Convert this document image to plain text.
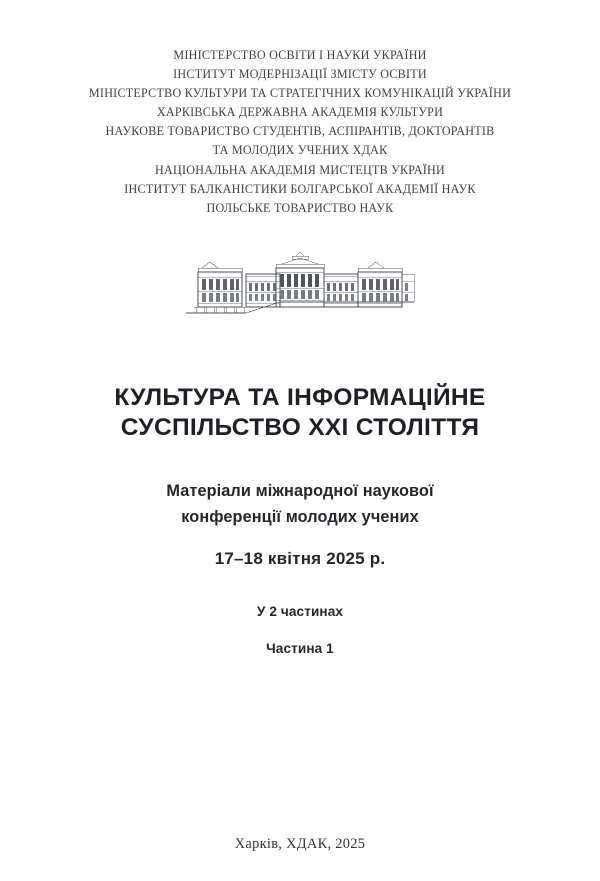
МІНІСТЕРСТВО ОСВІТИ І НАУКИ УКРАЇНИ
ІНСТИТУТ МОДЕРНІЗАЦІЇ ЗМІСТУ ОСВІТИ
МІНІСТЕРСТВО КУЛЬТУРИ ТА СТРАТЕГІЧНИХ КОМУНІКАЦІЙ УКРАЇНИ
ХАРКІВСЬКА ДЕРЖАВНА АКАДЕМІЯ КУЛЬТУРИ
НАУКОВЕ ТОВАРИСТВО СТУДЕНТІВ, АСПІРАНТІВ, ДОКТОРАНТІВ
ТА МОЛОДИХ УЧЕНИХ ХДАК
НАЦІОНАЛЬНА АКАДЕМІЯ МИСТЕЦТВ УКРАЇНИ
ІНСТИТУТ БАЛКАНІСТИКИ БОЛГАРСЬКОЇ АКАДЕМІЇ НАУК
ПОЛЬСЬКЕ ТОВАРИСТВО НАУК
КУЛЬТУРА ТА ІНФОРМАЦІЙНЕ
СУСПІЛЬСТВО XXI СТОЛІТТЯ
Матеріали міжнародної наукової
конференції молодих учених
17–18 квітня 2025 р.
У 2 частинах
Частина 1
Харків, ХДАК, 2025
